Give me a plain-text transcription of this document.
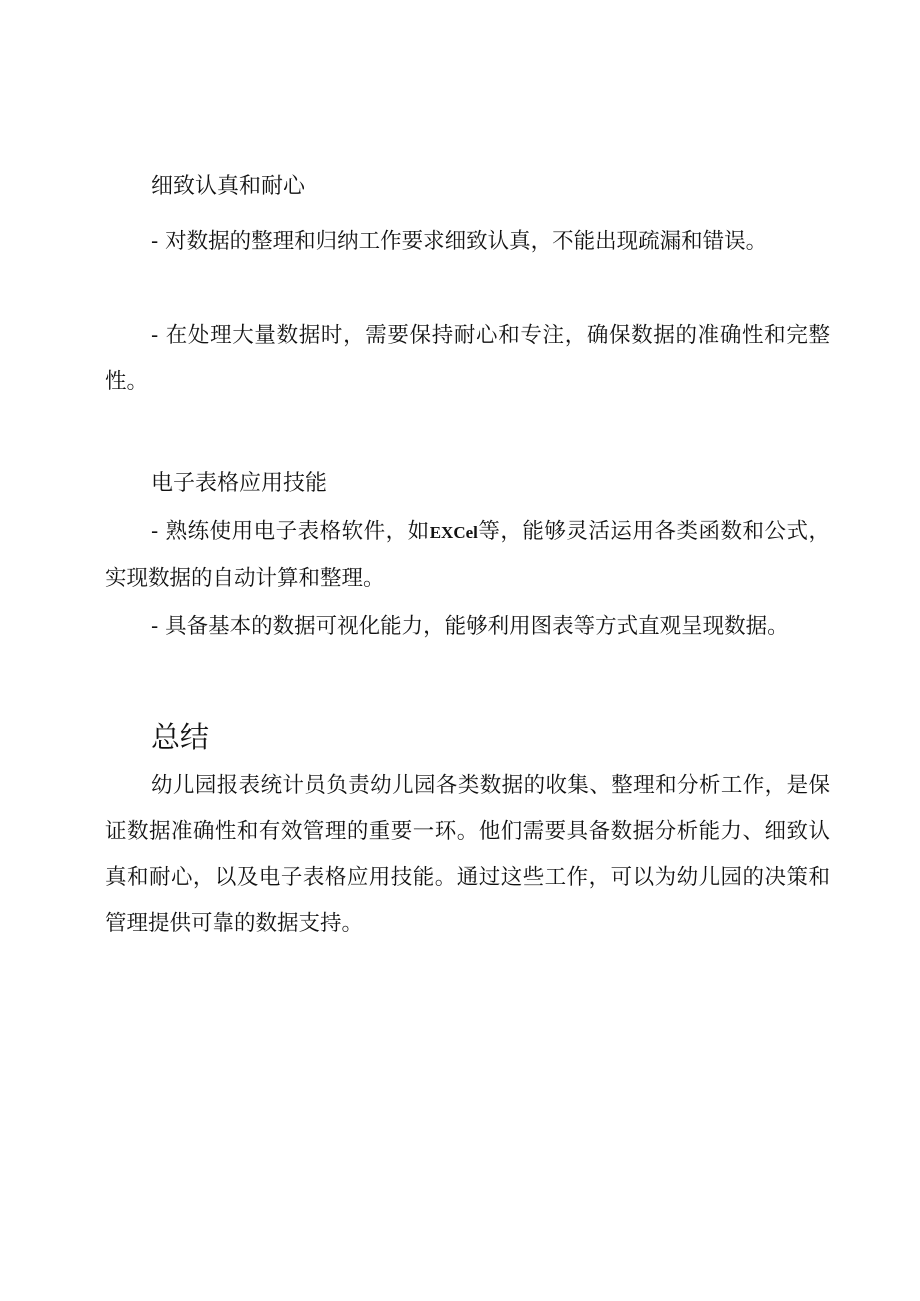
细致认真和耐心

- 对数据的整理和归纳工作要求细致认真，不能出现疏漏和错误。

- 在处理大量数据时，需要保持耐心和专注，确保数据的准确性和完整性。

电子表格应用技能

- 熟练使用电子表格软件，如EXCel等，能够灵活运用各类函数和公式，实现数据的自动计算和整理。

- 具备基本的数据可视化能力，能够利用图表等方式直观呈现数据。

总结

幼儿园报表统计员负责幼儿园各类数据的收集、整理和分析工作，是保证数据准确性和有效管理的重要一环。他们需要具备数据分析能力、细致认真和耐心，以及电子表格应用技能。通过这些工作，可以为幼儿园的决策和管理提供可靠的数据支持。
